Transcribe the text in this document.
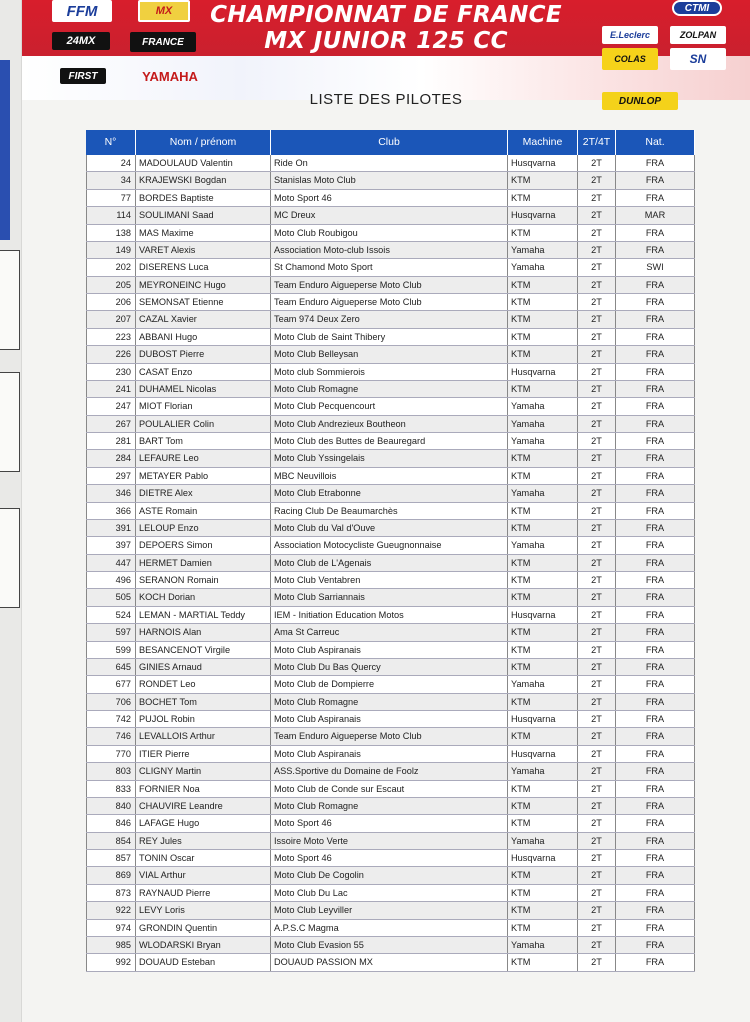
CHAMPIONNAT DE FRANCE
MX JUNIOR 125 CC
FFM	MX
24MX	FRANCE
FIRST	YAMAHA
CTMI
E.Leclerc	ZOLPAN
COLAS	SN
DUNLOP
LISTE DES PILOTES
N°	Nom / prénom	Club	Machine	2T/4T	Nat.
24 MADOULAUD Valentin	Ride On	Husqvarna	2T	FRA
34 KRAJEWSKI Bogdan	Stanislas Moto Club	KTM	2T	FRA
77 BORDES Baptiste	Moto Sport 46	KTM	2T	FRA
114 SOULIMANI Saad	MC Dreux	Husqvarna	2T	MAR
138 MAS Maxime	Moto Club Roubigou	KTM	2T	FRA
149 VARET Alexis	Association Moto-club Issois	Yamaha	2T	FRA
202 DISERENS Luca	St Chamond Moto Sport	Yamaha	2T	SWI
205 MEYRONEINC Hugo	Team Enduro Aigueperse Moto Club	KTM	2T	FRA
206 SEMONSAT Etienne	Team Enduro Aigueperse Moto Club	KTM	2T	FRA
207 CAZAL Xavier	Team 974 Deux Zero	KTM	2T	FRA
223 ABBANI Hugo	Moto Club de Saint Thibery	KTM	2T	FRA
226 DUBOST Pierre	Moto Club Belleysan	KTM	2T	FRA
230 CASAT Enzo	Moto club Sommierois	Husqvarna	2T	FRA
241 DUHAMEL Nicolas	Moto Club Romagne	KTM	2T	FRA
247 MIOT Florian	Moto Club Pecquencourt	Yamaha	2T	FRA
267 POULALIER Colin	Moto Club Andrezieux Boutheon	Yamaha	2T	FRA
281 BART Tom	Moto Club des Buttes de Beauregard	Yamaha	2T	FRA
284 LEFAURE Leo	Moto Club Yssingelais	KTM	2T	FRA
297 METAYER Pablo	MBC Neuvillois	KTM	2T	FRA
346 DIETRE Alex	Moto Club Etrabonne	Yamaha	2T	FRA
366 ASTE Romain	Racing Club De Beaumarchès	KTM	2T	FRA
391 LELOUP Enzo	Moto Club du Val d'Ouve	KTM	2T	FRA
397 DEPOERS Simon	Association Motocycliste Gueugnonnaise	Yamaha	2T	FRA
447 HERMET Damien	Moto Club de L'Agenais	KTM	2T	FRA
496 SERANON Romain	Moto Club Ventabren	KTM	2T	FRA
505 KOCH Dorian	Moto Club Sarriannais	KTM	2T	FRA
524 LEMAN - MARTIAL Teddy	IEM - Initiation Education Motos	Husqvarna	2T	FRA
597 HARNOIS Alan	Ama St Carreuc	KTM	2T	FRA
599 BESANCENOT Virgile	Moto Club Aspiranais	KTM	2T	FRA
645 GINIES Arnaud	Moto Club Du Bas Quercy	KTM	2T	FRA
677 RONDET Leo	Moto Club de Dompierre	Yamaha	2T	FRA
706 BOCHET Tom	Moto Club Romagne	KTM	2T	FRA
742 PUJOL Robin	Moto Club Aspiranais	Husqvarna	2T	FRA
746 LEVALLOIS Arthur	Team Enduro Aigueperse Moto Club	KTM	2T	FRA
770 ITIER Pierre	Moto Club Aspiranais	Husqvarna	2T	FRA
803 CLIGNY Martin	ASS.Sportive du Domaine de Foolz	Yamaha	2T	FRA
833 FORNIER Noa	Moto Club de Conde sur Escaut	KTM	2T	FRA
840 CHAUVIRE Leandre	Moto Club Romagne	KTM	2T	FRA
846 LAFAGE Hugo	Moto Sport 46	KTM	2T	FRA
854 REY Jules	Issoire Moto Verte	Yamaha	2T	FRA
857 TONIN Oscar	Moto Sport 46	Husqvarna	2T	FRA
869 VIAL Arthur	Moto Club De Cogolin	KTM	2T	FRA
873 RAYNAUD Pierre	Moto Club Du Lac	KTM	2T	FRA
922 LEVY Loris	Moto Club Leyviller	KTM	2T	FRA
974 GRONDIN Quentin	A.P.S.C Magma	KTM	2T	FRA
985 WLODARSKI Bryan	Moto Club Evasion 55	Yamaha	2T	FRA
992 DOUAUD Esteban	DOUAUD PASSION MX	KTM	2T	FRA
